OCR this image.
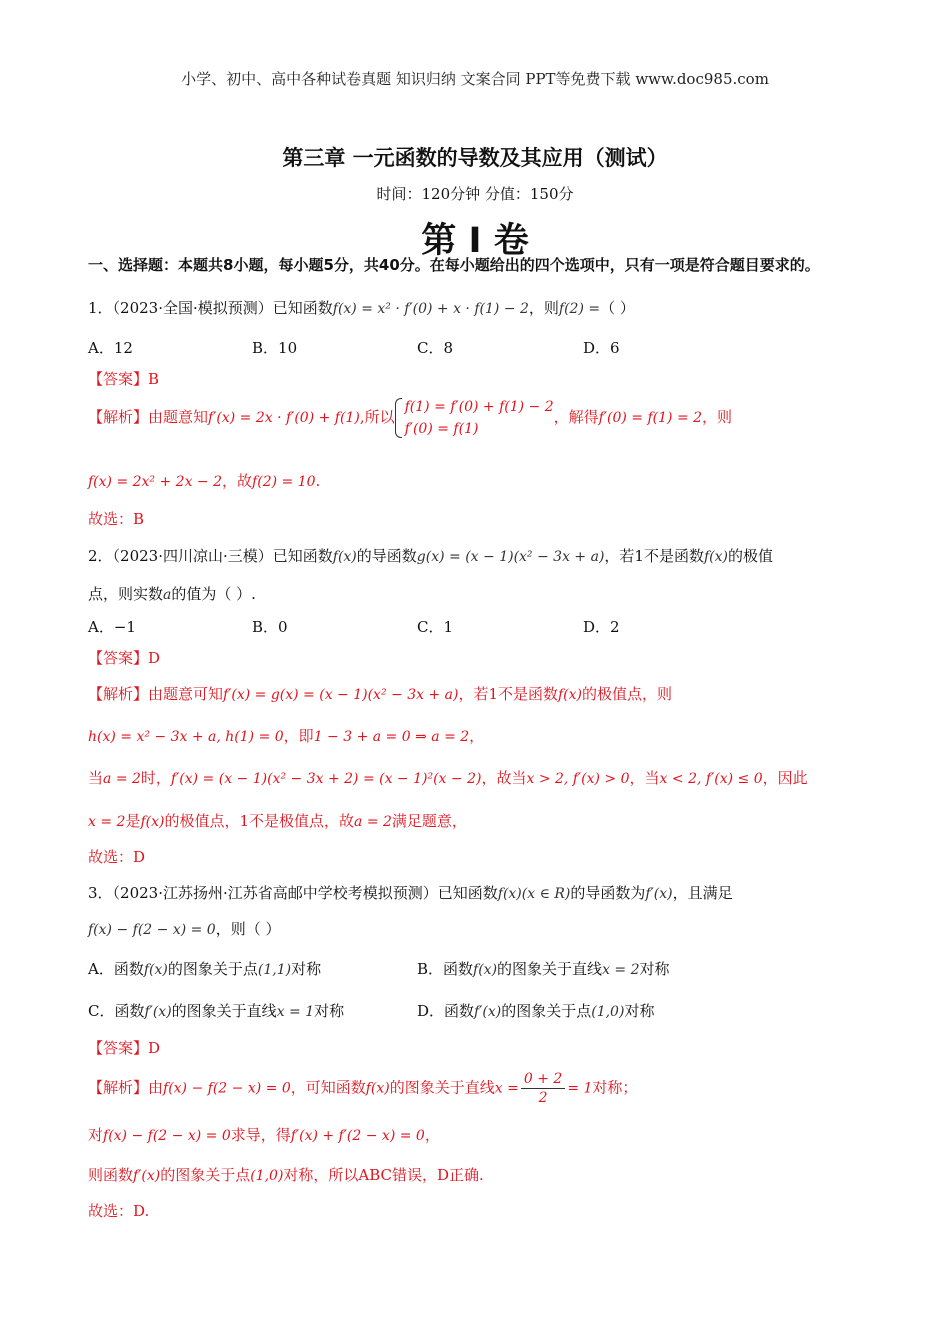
小学、初中、高中各种试卷真题 知识归纳 文案合同 PPT等免费下载 www.doc985.com
第三章 一元函数的导数及其应用（测试）
时间：120分钟 分值：150分
第 I 卷
一、选择题：本题共8小题，每小题5分，共40分。在每小题给出的四个选项中，只有一项是符合题目要求的。
1．（2023·全国·模拟预测）已知函数f(x) = x² · f′(0) + x · f(1) − 2，则f(2) =（ ）
A．12	B．10	C．8	D．6
【答案】B
【解析】由题意知f′(x) = 2x · f′(0) + f(1),所以
f(1) = f′(0) + f(1) − 2
f′(0) = f(1)
，解得f′(0) = f(1) = 2，则
f(x) = 2x² + 2x − 2，故f(2) = 10.
故选：B
2．（2023·四川凉山·三模）已知函数f(x)的导函数g(x) = (x − 1)(x² − 3x + a)，若1不是函数f(x)的极值
点，则实数a的值为（ ）.
A．−1	B．0	C．1	D．2
【答案】D
【解析】由题意可知f′(x) = g(x) = (x − 1)(x² − 3x + a)，若1不是函数f(x)的极值点，则
h(x) = x² − 3x + a, h(1) = 0，即1 − 3 + a = 0 ⇒ a = 2，
当a = 2时，f′(x) = (x − 1)(x² − 3x + 2) = (x − 1)²(x − 2)，故当x > 2, f′(x) > 0，当x < 2, f′(x) ≤ 0，因此
x = 2是f(x)的极值点，1不是极值点，故a = 2满足题意，
故选：D
3．（2023·江苏扬州·江苏省高邮中学校考模拟预测）已知函数f(x)(x ∈ R)的导函数为f′(x)，且满足
f(x) − f(2 − x) = 0，则（ ）
A．函数f(x)的图象关于点(1,1)对称	B．函数f(x)的图象关于直线x = 2对称
C．函数f′(x)的图象关于直线x = 1对称	D．函数f′(x)的图象关于点(1,0)对称
【答案】D
【解析】由f(x) − f(2 − x) = 0，可知函数f(x)的图象关于直线$x = \frac{0 + 2}{2} = 1$对称；
对f(x) − f(2 − x) = 0求导，得f′(x) + f′(2 − x) = 0，
则函数f′(x)的图象关于点(1,0)对称，所以ABC错误，D正确.
故选：D.
